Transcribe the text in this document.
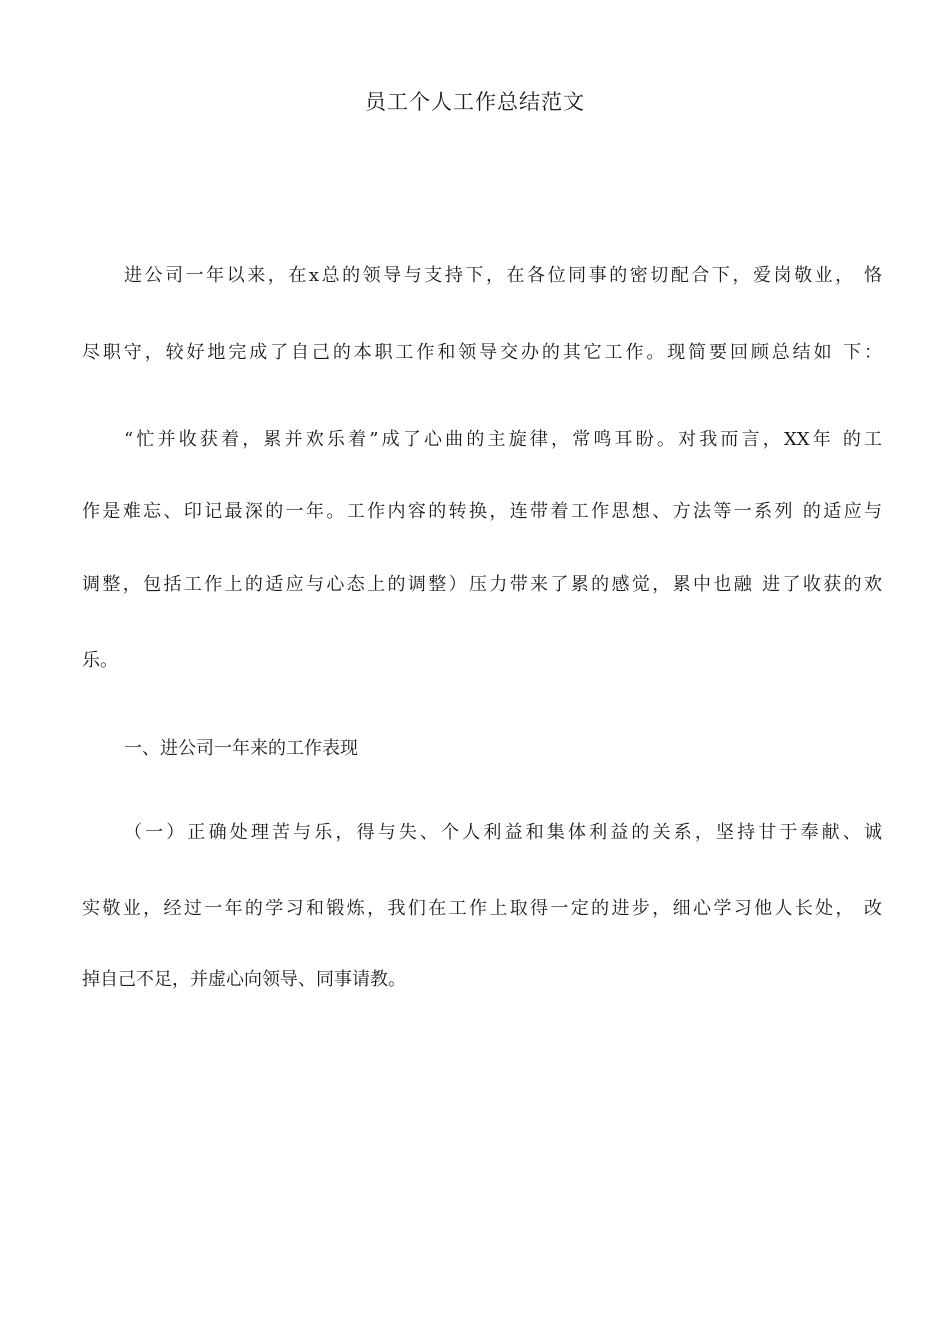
员工个人工作总结范文
进公司一年以来，在x总的领导与支持下，在各位同事的密切配合下，爱岗敬业， 恪
尽职守，较好地完成了自己的本职工作和领导交办的其它工作。现简要回顾总结如 下：
“忙并收获着，累并欢乐着”成了心曲的主旋律，常鸣耳盼。对我而言，XX年 的工
作是难忘、印记最深的一年。工作内容的转换，连带着工作思想、方法等一系列 的适应与
调整，包括工作上的适应与心态上的调整）压力带来了累的感觉，累中也融 进了收获的欢
乐。
一、进公司一年来的工作表现
（一）正确处理苦与乐，得与失、个人利益和集体利益的关系，坚持甘于奉献、诚
实敬业，经过一年的学习和锻炼，我们在工作上取得一定的进步，细心学习他人长处， 改
掉自己不足，并虚心向领导、同事请教。
